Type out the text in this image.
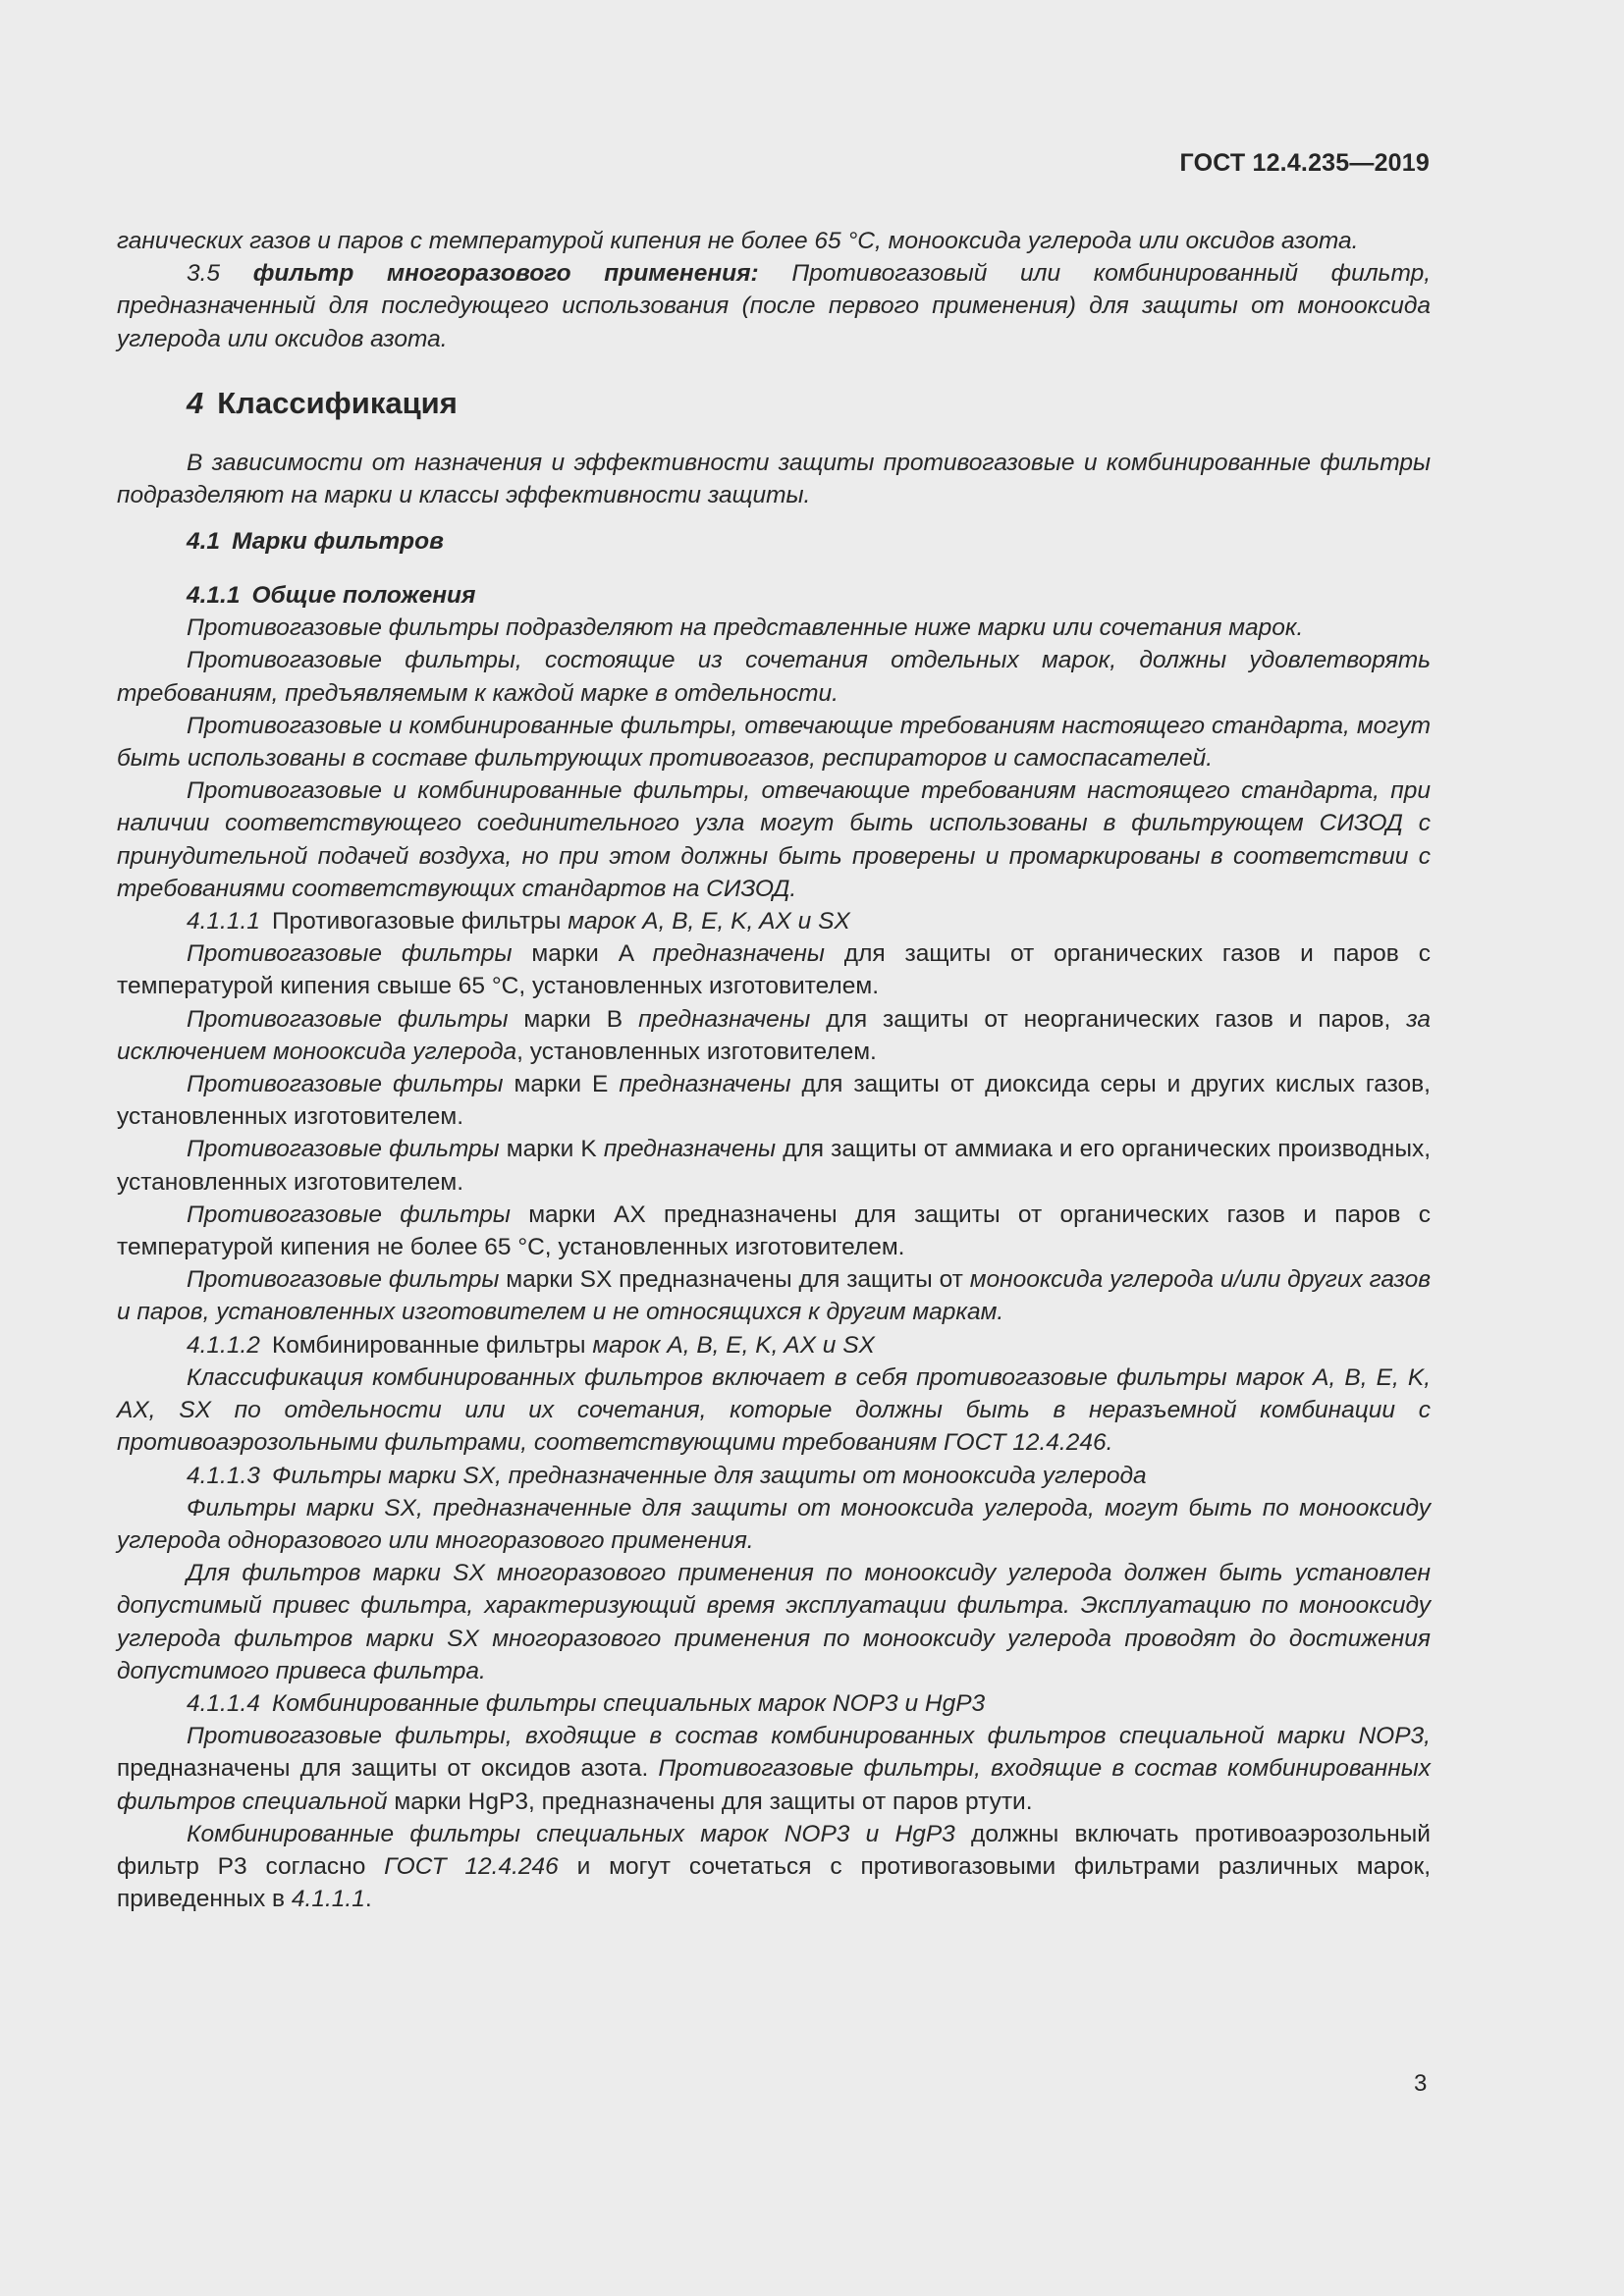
ГОСТ 12.4.235—2019

ганических газов и паров с температурой кипения не более 65 °С, монооксида углерода или оксидов азота.

3.5 фильтр многоразового применения: Противогазовый или комбинированный фильтр, предназначенный для последующего использования (после первого применения) для защиты от монооксида углерода или оксидов азота.

4 Классификация

В зависимости от назначения и эффективности защиты противогазовые и комбинированные фильтры подразделяют на марки и классы эффективности защиты.

4.1 Марки фильтров
4.1.1 Общие положения

Противогазовые фильтры подразделяют на представленные ниже марки или сочетания марок.

Противогазовые фильтры, состоящие из сочетания отдельных марок, должны удовлетворять требованиям, предъявляемым к каждой марке в отдельности.

Противогазовые и комбинированные фильтры, отвечающие требованиям настоящего стандарта, могут быть использованы в составе фильтрующих противогазов, респираторов и самоспасателей.

Противогазовые и комбинированные фильтры, отвечающие требованиям настоящего стандарта, при наличии соответствующего соединительного узла могут быть использованы в фильтрующем СИЗОД с принудительной подачей воздуха, но при этом должны быть проверены и промаркированы в соответствии с требованиями соответствующих стандартов на СИЗОД.

4.1.1.1 Противогазовые фильтры марок A, B, E, K, AX и SX

Противогазовые фильтры марки A предназначены для защиты от органических газов и паров с температурой кипения свыше 65 °С, установленных изготовителем.

Противогазовые фильтры марки B предназначены для защиты от неорганических газов и паров, за исключением монооксида углерода, установленных изготовителем.

Противогазовые фильтры марки E предназначены для защиты от диоксида серы и других кислых газов, установленных изготовителем.

Противогазовые фильтры марки K предназначены для защиты от аммиака и его органических производных, установленных изготовителем.

Противогазовые фильтры марки AX предназначены для защиты от органических газов и паров с температурой кипения не более 65 °С, установленных изготовителем.

Противогазовые фильтры марки SX предназначены для защиты от монооксида углерода и/или других газов и паров, установленных изготовителем и не относящихся к другим маркам.

4.1.1.2 Комбинированные фильтры марок A, B, E, K, AX и SX

Классификация комбинированных фильтров включает в себя противогазовые фильтры марок A, B, E, K, AX, SX по отдельности или их сочетания, которые должны быть в неразъемной комбинации с противоаэрозольными фильтрами, соответствующими требованиям ГОСТ 12.4.246.

4.1.1.3 Фильтры марки SX, предназначенные для защиты от монооксида углерода

Фильтры марки SX, предназначенные для защиты от монооксида углерода, могут быть по монооксиду углерода одноразового или многоразового применения.

Для фильтров марки SX многоразового применения по монооксиду углерода должен быть установлен допустимый привес фильтра, характеризующий время эксплуатации фильтра. Эксплуатацию по монооксиду углерода фильтров марки SX многоразового применения по монооксиду углерода проводят до достижения допустимого привеса фильтра.

4.1.1.4 Комбинированные фильтры специальных марок NOP3 и HgP3

Противогазовые фильтры, входящие в состав комбинированных фильтров специальной марки NOP3, предназначены для защиты от оксидов азота. Противогазовые фильтры, входящие в состав комбинированных фильтров специальной марки HgP3, предназначены для защиты от паров ртути.

Комбинированные фильтры специальных марок NOP3 и HgP3 должны включать противоаэрозольный фильтр P3 согласно ГОСТ 12.4.246 и могут сочетаться с противогазовыми фильтрами различных марок, приведенных в 4.1.1.1.

3
